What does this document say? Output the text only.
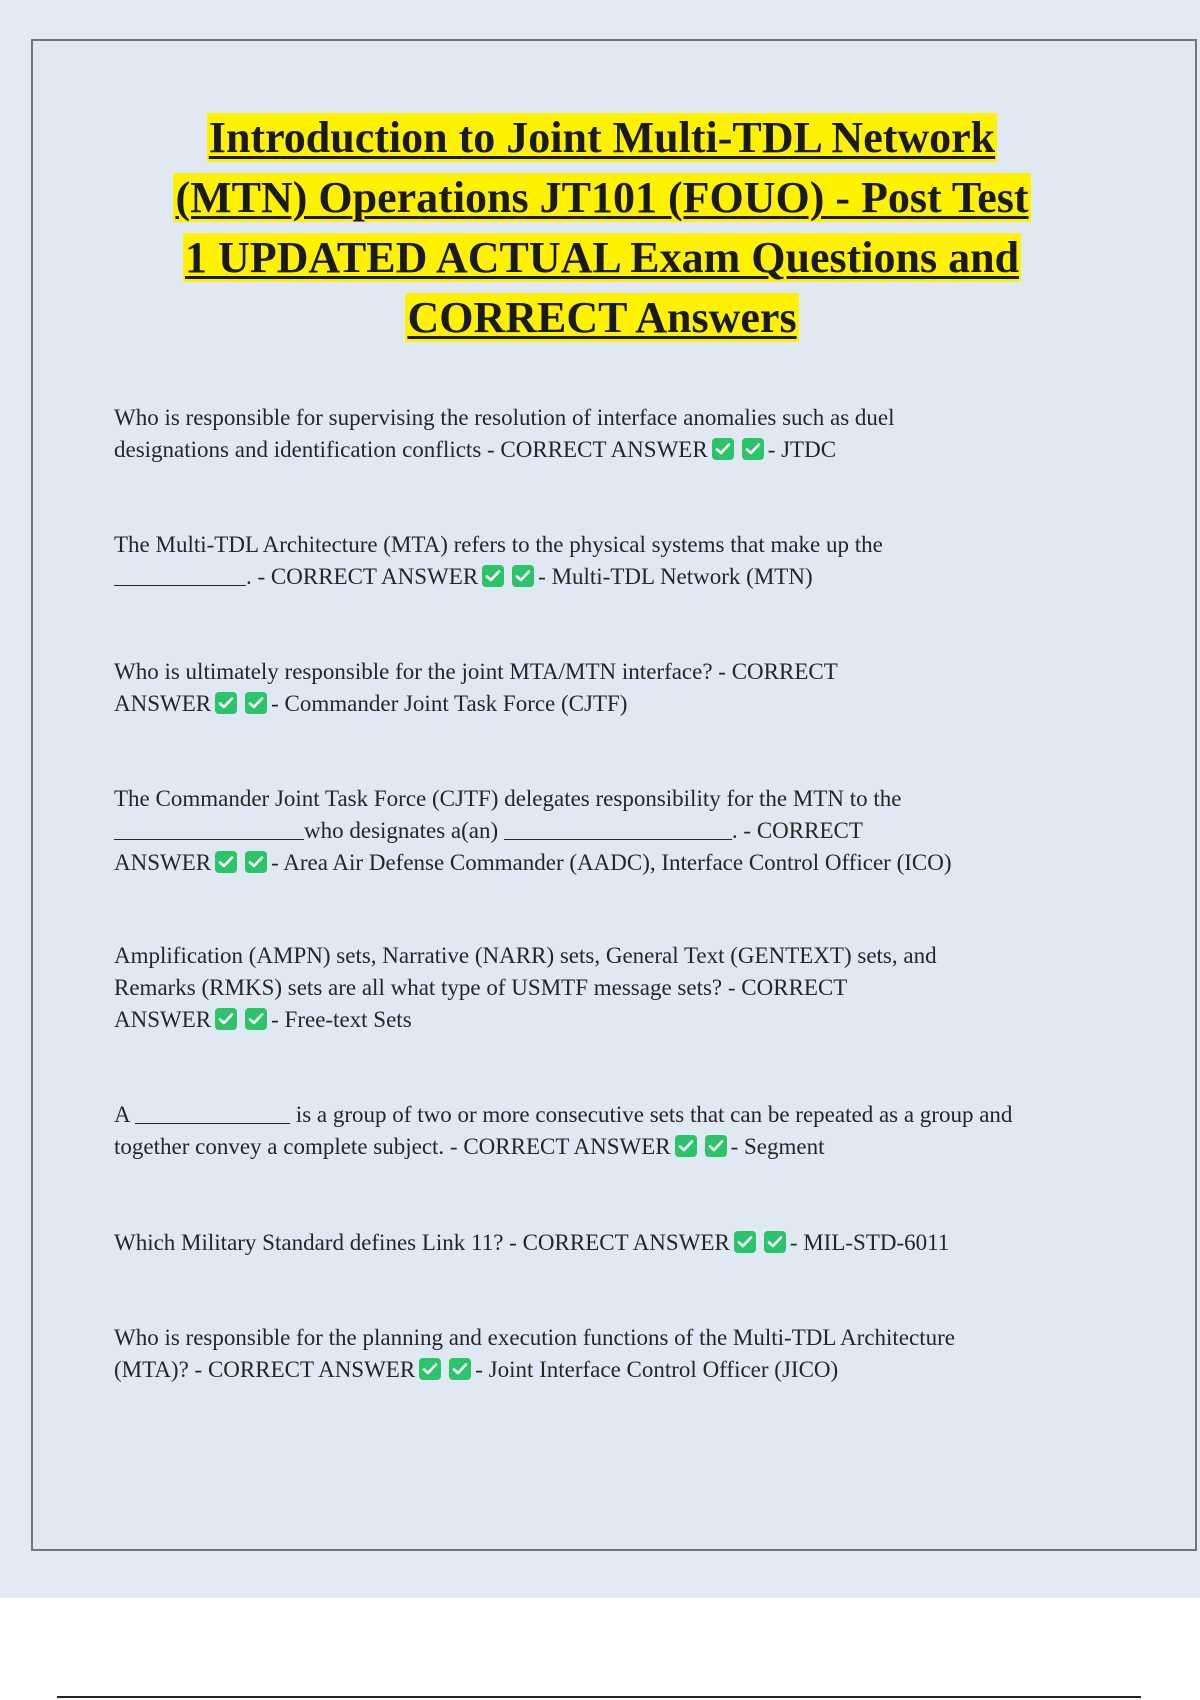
Introduction to Joint Multi-TDL Network
(MTN) Operations JT101 (FOUO) - Post Test
1 UPDATED ACTUAL Exam Questions and
CORRECT Answers

Who is responsible for supervising the resolution of interface anomalies such as duel
designations and identification conflicts - CORRECT ANSWER	- JTDC
The Multi-TDL Architecture (MTA) refers to the physical systems that make up the
. - CORRECT ANSWER	- Multi-TDL Network (MTN)
Who is ultimately responsible for the joint MTA/MTN interface? - CORRECT
ANSWER	- Commander Joint Task Force (CJTF)
The Commander Joint Task Force (CJTF) delegates responsibility for the MTN to the
who designates a(an)	. - CORRECT
ANSWER	- Area Air Defense Commander (AADC), Interface Control Officer (ICO)
Amplification (AMPN) sets, Narrative (NARR) sets, General Text (GENTEXT) sets, and
Remarks (RMKS) sets are all what type of USMTF message sets? - CORRECT
ANSWER	- Free-text Sets
A	is a group of two or more consecutive sets that can be repeated as a group and
together convey a complete subject. - CORRECT ANSWER	- Segment
Which Military Standard defines Link 11? - CORRECT ANSWER	- MIL-STD-6011
Who is responsible for the planning and execution functions of the Multi-TDL Architecture
(MTA)? - CORRECT ANSWER	- Joint Interface Control Officer (JICO)
